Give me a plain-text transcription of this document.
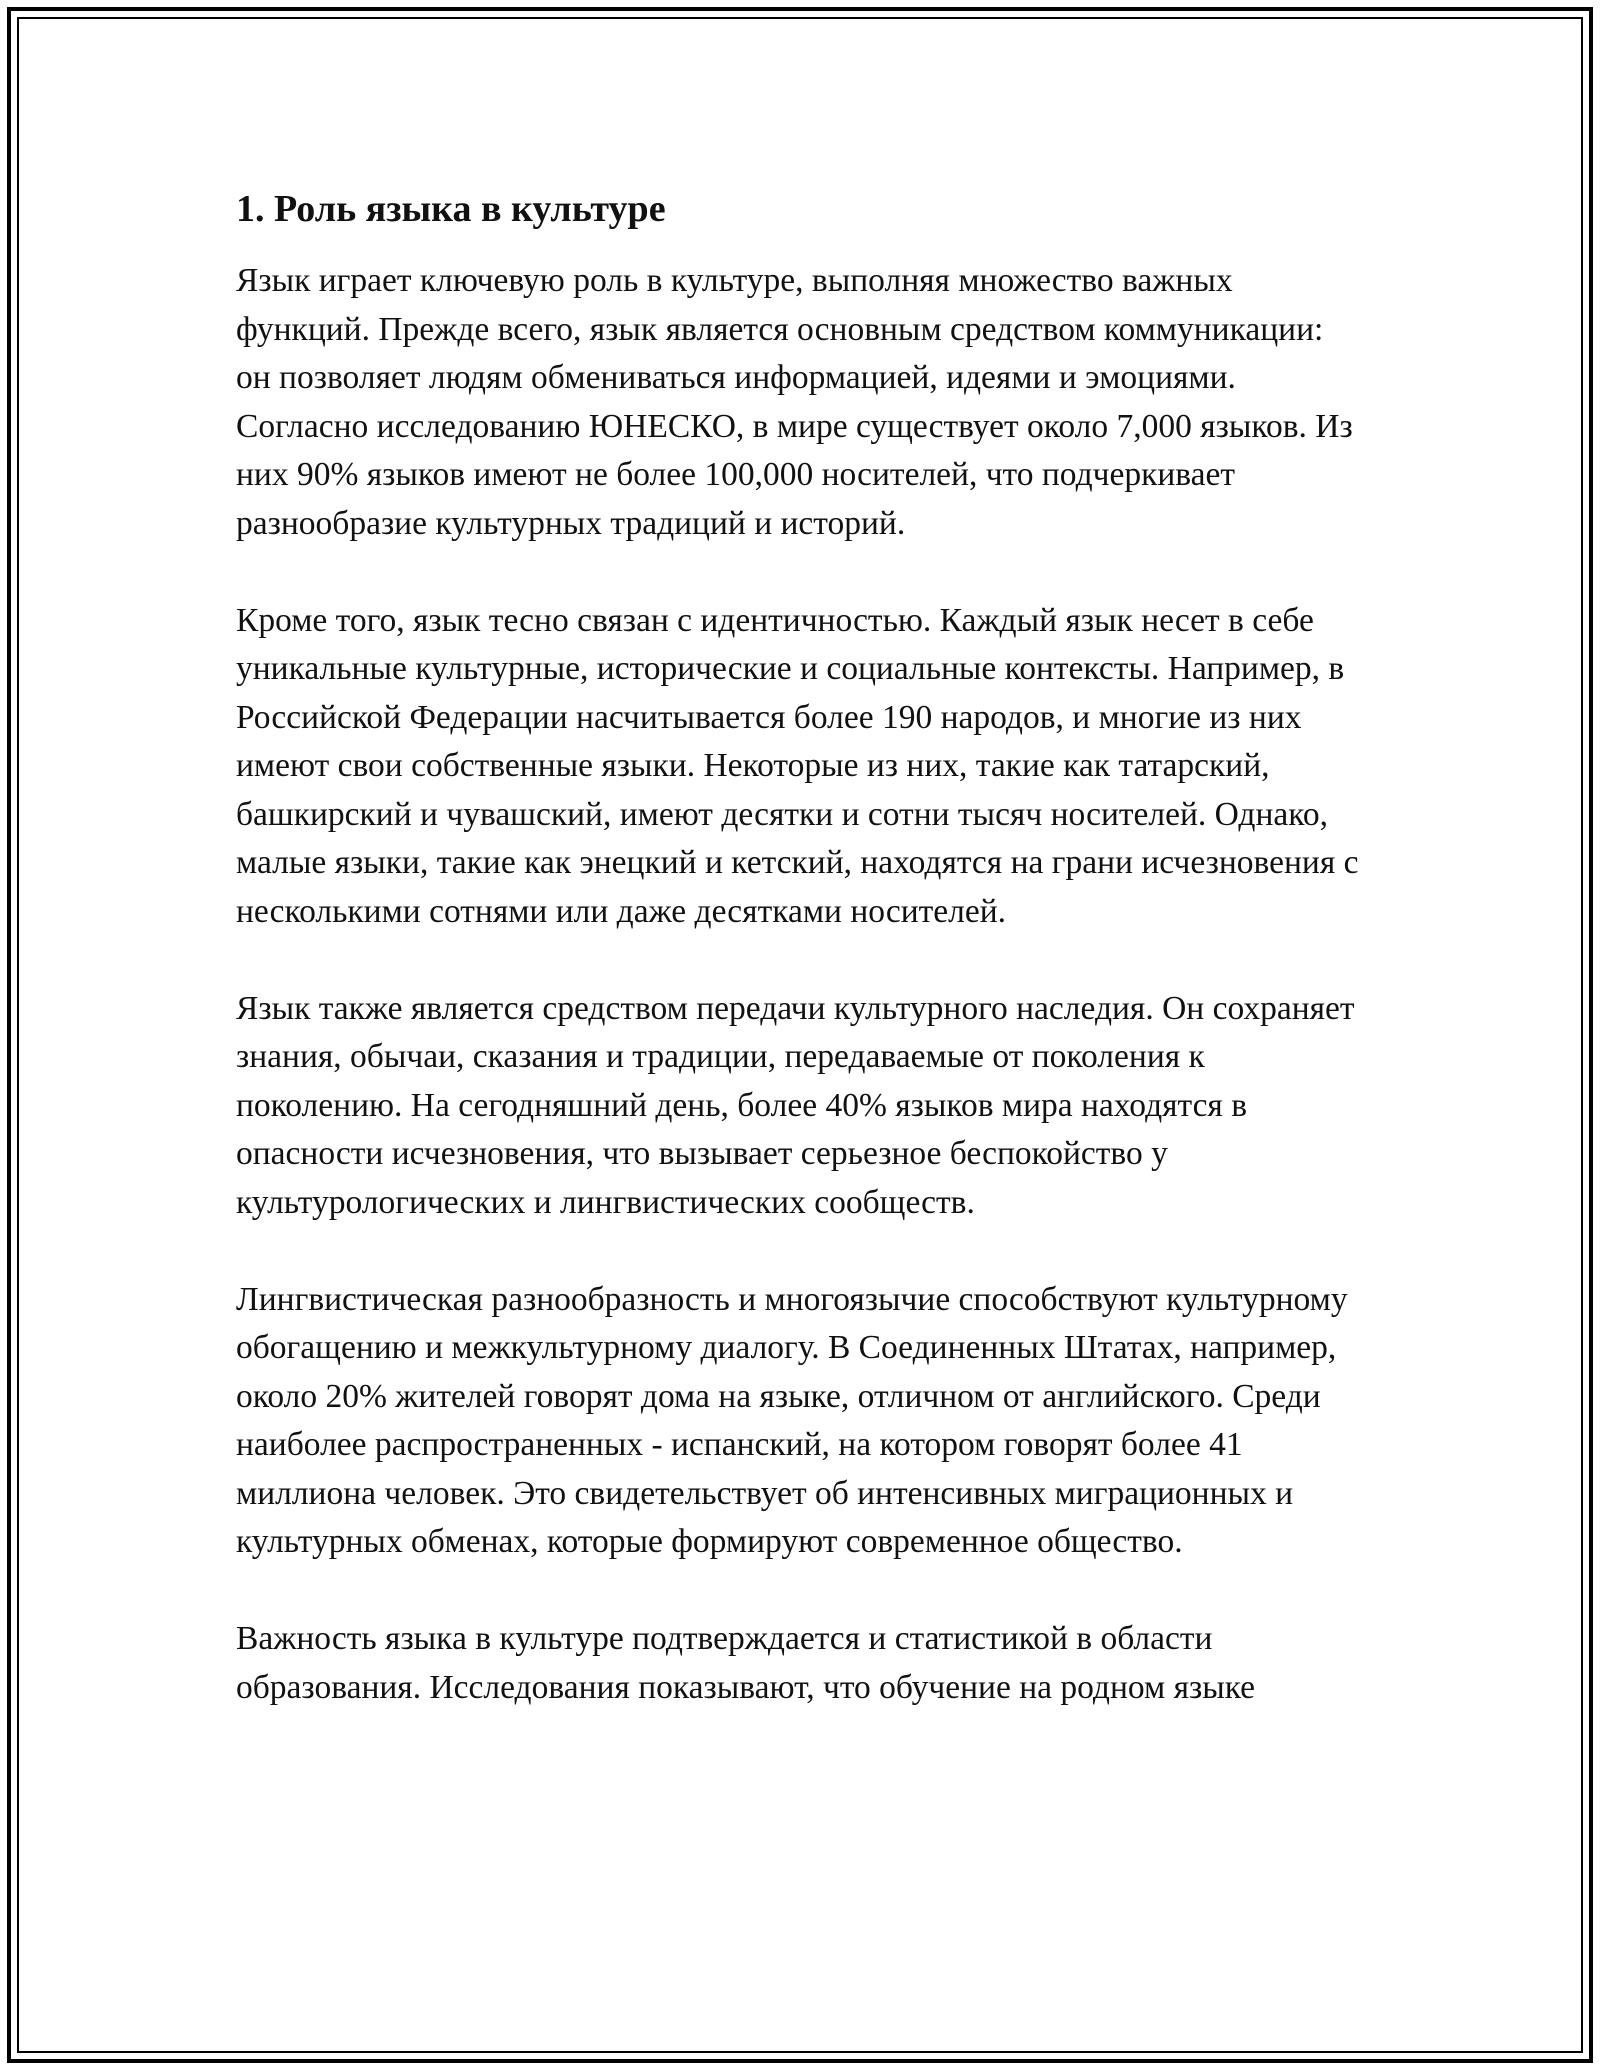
1. Роль языка в культуре

Язык играет ключевую роль в культуре, выполняя множество важных функций. Прежде всего, язык является основным средством коммуникации: он позволяет людям обмениваться информацией, идеями и эмоциями. Согласно исследованию ЮНЕСКО, в мире существует около 7,000 языков. Из них 90% языков имеют не более 100,000 носителей, что подчеркивает разнообразие культурных традиций и историй.

Кроме того, язык тесно связан с идентичностью. Каждый язык несет в себе уникальные культурные, исторические и социальные контексты. Например, в Российской Федерации насчитывается более 190 народов, и многие из них имеют свои собственные языки. Некоторые из них, такие как татарский, башкирский и чувашский, имеют десятки и сотни тысяч носителей. Однако, малые языки, такие как энецкий и кетский, находятся на грани исчезновения с несколькими сотнями или даже десятками носителей.

Язык также является средством передачи культурного наследия. Он сохраняет знания, обычаи, сказания и традиции, передаваемые от поколения к поколению. На сегодняшний день, более 40% языков мира находятся в опасности исчезновения, что вызывает серьезное беспокойство у культурологических и лингвистических сообществ.

Лингвистическая разнообразность и многоязычие способствуют культурному обогащению и межкультурному диалогу. В Соединенных Штатах, например, около 20% жителей говорят дома на языке, отличном от английского. Среди наиболее распространенных - испанский, на котором говорят более 41 миллиона человек. Это свидетельствует об интенсивных миграционных и культурных обменах, которые формируют современное общество.

Важность языка в культуре подтверждается и статистикой в области образования. Исследования показывают, что обучение на родном языке
